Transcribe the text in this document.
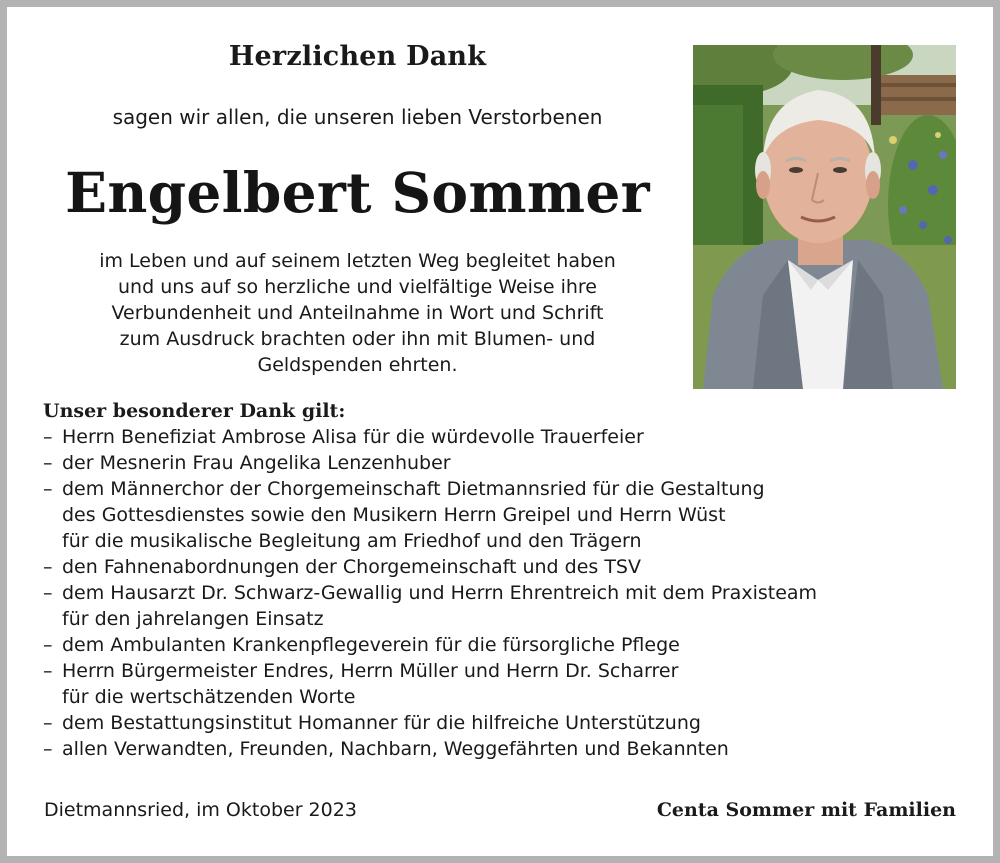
Herzlichen Dank
sagen wir allen, die unseren lieben Verstorbenen
Engelbert Sommer
im Leben und auf seinem letzten Weg begleitet haben
und uns auf so herzliche und vielfältige Weise ihre
Verbundenheit und Anteilnahme in Wort und Schrift
zum Ausdruck brachten oder ihn mit Blumen- und
Geldspenden ehrten.
Unser besonderer Dank gilt:
– Herrn Benefiziat Ambrose Alisa für die würdevolle Trauerfeier
– der Mesnerin Frau Angelika Lenzenhuber
– dem Männerchor der Chorgemeinschaft Dietmannsried für die Gestaltung
des Gottesdienstes sowie den Musikern Herrn Greipel und Herrn Wüst
für die musikalische Begleitung am Friedhof und den Trägern
– den Fahnenabordnungen der Chorgemeinschaft und des TSV
– dem Hausarzt Dr. Schwarz-Gewallig und Herrn Ehrentreich mit dem Praxisteam
für den jahrelangen Einsatz
– dem Ambulanten Krankenpflegeverein für die fürsorgliche Pflege
– Herrn Bürgermeister Endres, Herrn Müller und Herrn Dr. Scharrer
für die wertschätzenden Worte
– dem Bestattungsinstitut Homanner für die hilfreiche Unterstützung
– allen Verwandten, Freunden, Nachbarn, Weggefährten und Bekannten
Dietmannsried, im Oktober 2023	Centa Sommer mit Familien
